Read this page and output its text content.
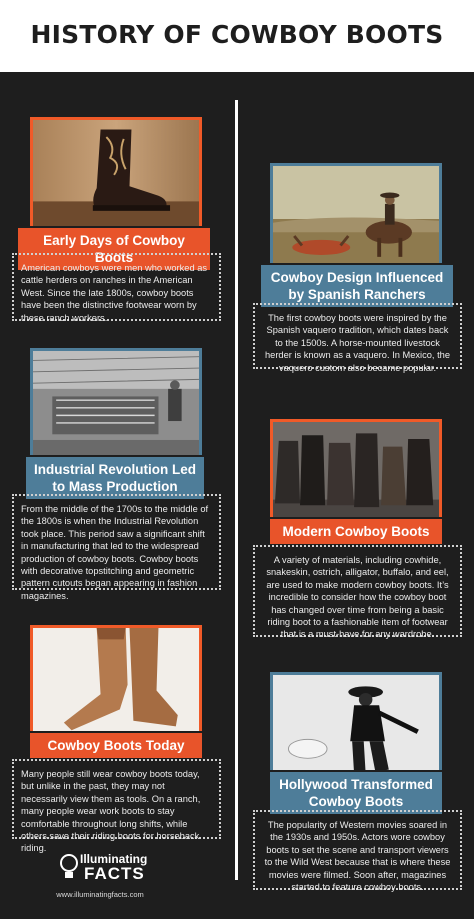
HISTORY OF COWBOY BOOTS
Early Days of Cowboy Boots
American cowboys were men who worked as cattle herders on ranches in the American West. Since the late 1800s, cowboy boots have been the distinctive footwear worn by these ranch workers.
Cowboy Design Influenced by Spanish Ranchers
The first cowboy boots were inspired by the Spanish vaquero tradition, which dates back to the 1500s. A horse-mounted livestock herder is known as a vaquero. In Mexico, the vaquero custom also became popular.
Industrial Revolution Led to Mass Production
From the middle of the 1700s to the middle of the 1800s is when the Industrial Revolution took place. This period saw a significant shift in manufacturing that led to the widespread production of cowboy boots. Cowboy boots with decorative topstitching and geometric pattern cutouts began appearing in fashion magazines.
Modern Cowboy Boots
A variety of materials, including cowhide, snakeskin, ostrich, alligator, buffalo, and eel, are used to make modern cowboy boots. It’s incredible to consider how the cowboy boot has changed over time from being a basic riding boot to a fashionable item of footwear that is a must-have for any wardrobe.
Cowboy Boots Today
Many people still wear cowboy boots today, but unlike in the past, they may not necessarily view them as tools. On a ranch, many people wear work boots to stay comfortable throughout long shifts, while others save their riding boots for horseback riding.
Hollywood Transformed Cowboy Boots
The popularity of Western movies soared in the 1930s and 1950s. Actors wore cowboy boots to set the scene and transport viewers to the Wild West because that is where these movies were filmed. Soon after, magazines started to feature cowboy boots.
Illuminating
FACTS
www.illuminatingfacts.com
